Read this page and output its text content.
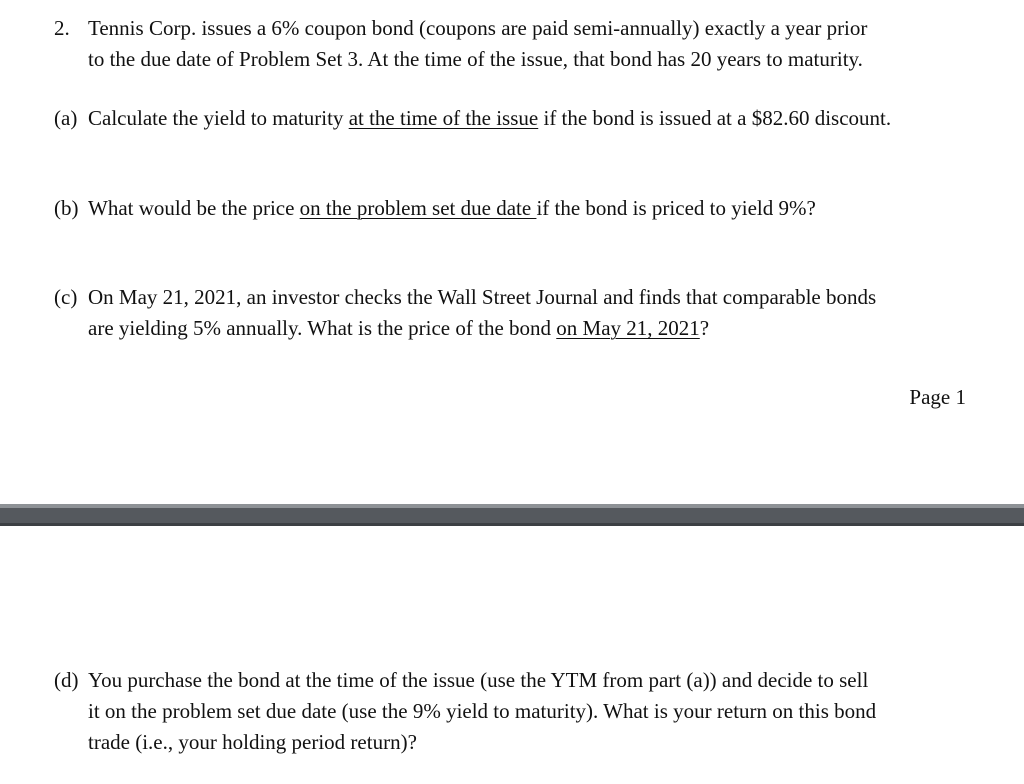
2. Tennis Corp. issues a 6% coupon bond (coupons are paid semi-annually) exactly a year prior
to the due date of Problem Set 3. At the time of the issue, that bond has 20 years to maturity.
(a) Calculate the yield to maturity at the time of the issue if the bond is issued at a $82.60 discount.
(b) What would be the price on the problem set due date if the bond is priced to yield 9%?
(c) On May 21, 2021, an investor checks the Wall Street Journal and finds that comparable bonds
are yielding 5% annually. What is the price of the bond on May 21, 2021?
Page 1
(d) You purchase the bond at the time of the issue (use the YTM from part (a)) and decide to sell
it on the problem set due date (use the 9% yield to maturity). What is your return on this bond
trade (i.e., your holding period return)?
